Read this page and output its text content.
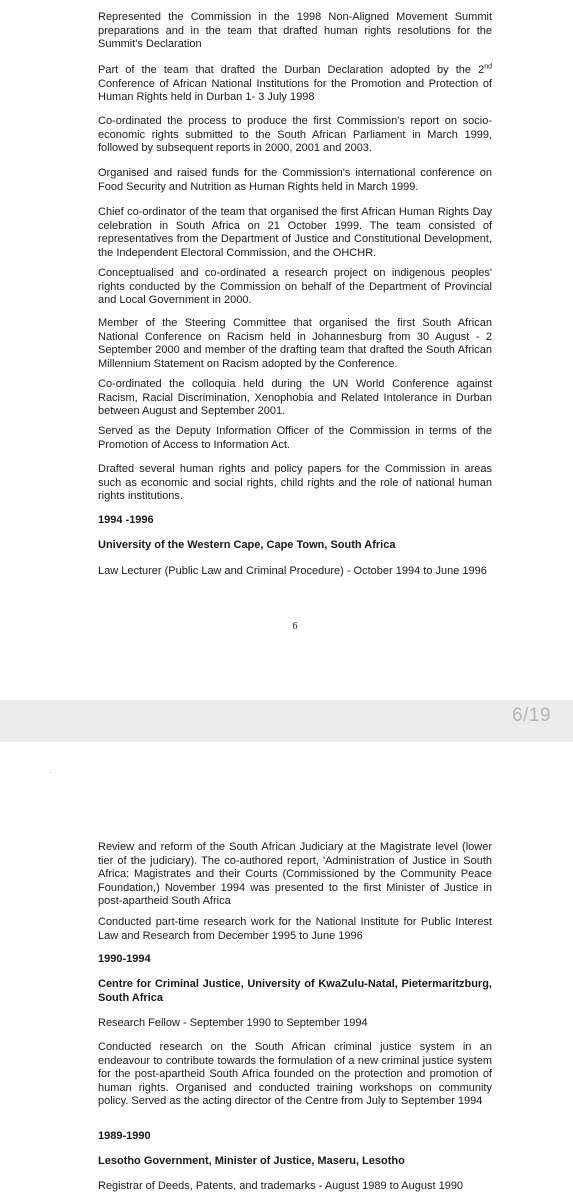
Represented the Commission in the 1998 Non-Aligned Movement Summit preparations and in the team that drafted human rights resolutions for the Summit's Declaration

Part of the team that drafted the Durban Declaration adopted by the 2nd Conference of African National Institutions for the Promotion and Protection of Human Rights held in Durban 1- 3 July 1998

Co-ordinated the process to produce the first Commission's report on socio-economic rights submitted to the South African Parliament in March 1999, followed by subsequent reports in 2000, 2001 and 2003.

Organised and raised funds for the Commission's international conference on Food Security and Nutrition as Human Rights held in March 1999.

Chief co-ordinator of the team that organised the first African Human Rights Day celebration in South Africa on 21 October 1999. The team consisted of representatives from the Department of Justice and Constitutional Development, the Independent Electoral Commission, and the OHCHR.

Conceptualised and co-ordinated a research project on indigenous peoples' rights conducted by the Commission on behalf of the Department of Provincial and Local Government in 2000.

Member of the Steering Committee that organised the first South African National Conference on Racism held in Johannesburg from 30 August - 2 September 2000 and member of the drafting team that drafted the South African Millennium Statement on Racism adopted by the Conference.

Co-ordinated the colloquia held during the UN World Conference against Racism, Racial Discrimination, Xenophobia and Related Intolerance in Durban between August and September 2001.

Served as the Deputy Information Officer of the Commission in terms of the Promotion of Access to Information Act.

Drafted several human rights and policy papers for the Commission in areas such as economic and social rights, child rights and the role of national human rights institutions.

1994 -1996

University of the Western Cape, Cape Town, South Africa

Law Lecturer (Public Law and Criminal Procedure) - October 1994 to June 1996

6
6/19

Review and reform of the South African Judiciary at the Magistrate level (lower tier of the judiciary). The co-authored report, 'Administration of Justice in South Africa: Magistrates and their Courts (Commissioned by the Community Peace Foundation,) November 1994 was presented to the first Minister of Justice in post-apartheid South Africa

Conducted part-time research work for the National Institute for Public Interest Law and Research from December 1995 to June 1996

1990-1994

Centre for Criminal Justice, University of KwaZulu-Natal, Pietermaritzburg, South Africa

Research Fellow - September 1990 to September 1994

Conducted research on the South African criminal justice system in an endeavour to contribute towards the formulation of a new criminal justice system for the post-apartheid South Africa founded on the protection and promotion of human rights. Organised and conducted training workshops on community policy. Served as the acting director of the Centre from July to September 1994

1989-1990

Lesotho Government, Minister of Justice, Maseru, Lesotho

Registrar of Deeds, Patents, and trademarks - August 1989 to August 1990
